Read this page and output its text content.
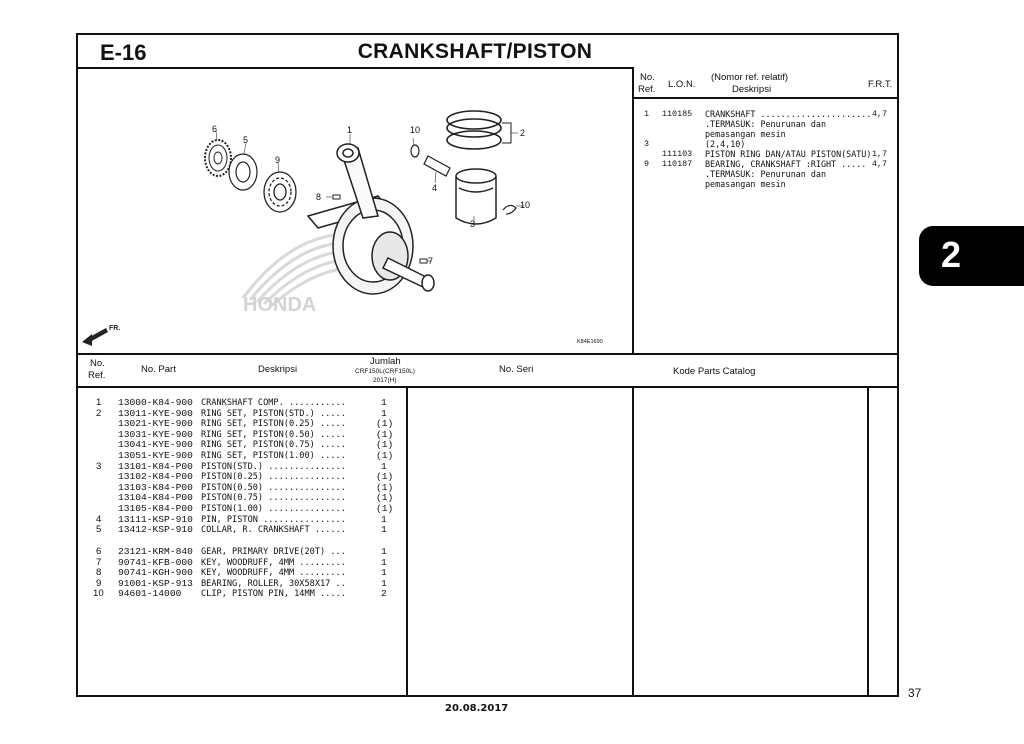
E-16	CRANKSHAFT/PISTON
No.
Ref. L.O.N.
(Nomor ref. relatif)
Deskripsi	F.R.T.
1 110185 CRANKSHAFT ...................... 4,7
.TERMASUK: Penurunan dan
pemasangan mesin
3	(2,4,10)
111103 PISTON RING DAN/ATAU PISTON(SATU) 1,7
9 110187 BEARING, CRANKSHAFT :RIGHT ..... 4,7
.TERMASUK: Penurunan dan
pemasangan mesin
HONDA
FR.
6
5
9
1	10	2
4
3
10
8
7
K84E1690
No.
Ref.
No. Part	Deskripsi
Jumlah
CRF150L(CRF150L)
2017(H)
No. Seri	Kode Parts Catalog
1 13000-K84-900 CRANKSHAFT COMP. ...........	1
2 13011-KYE-900 RING SET, PISTON(STD.) .....	1
13021-KYE-900 RING SET, PISTON(0.25) .....	(1)
13031-KYE-900 RING SET, PISTON(0.50) .....	(1)
13041-KYE-900 RING SET, PISTON(0.75) .....	(1)
13051-KYE-900 RING SET, PISTON(1.00) .....	(1)
3 13101-K84-P00 PISTON(STD.) ...............	1
13102-K84-P00 PISTON(0.25) ...............	(1)
13103-K84-P00 PISTON(0.50) ...............	(1)
13104-K84-P00 PISTON(0.75) ...............	(1)
13105-K84-P00 PISTON(1.00) ...............	(1)
4 13111-KSP-910 PIN, PISTON ................	1
5 13412-KSP-910 COLLAR, R. CRANKSHAFT ......	1
6 23121-KRM-840 GEAR, PRIMARY DRIVE(20T) ...	1
7 90741-KFB-000 KEY, WOODRUFF, 4MM .........	1
8 90741-KGH-900 KEY, WOODRUFF, 4MM .........	1
9 91001-KSP-913 BEARING, ROLLER, 30X58X17 ..	1
10 94601-14000 CLIP, PISTON PIN, 14MM .....	2
2
37
20.08.2017
